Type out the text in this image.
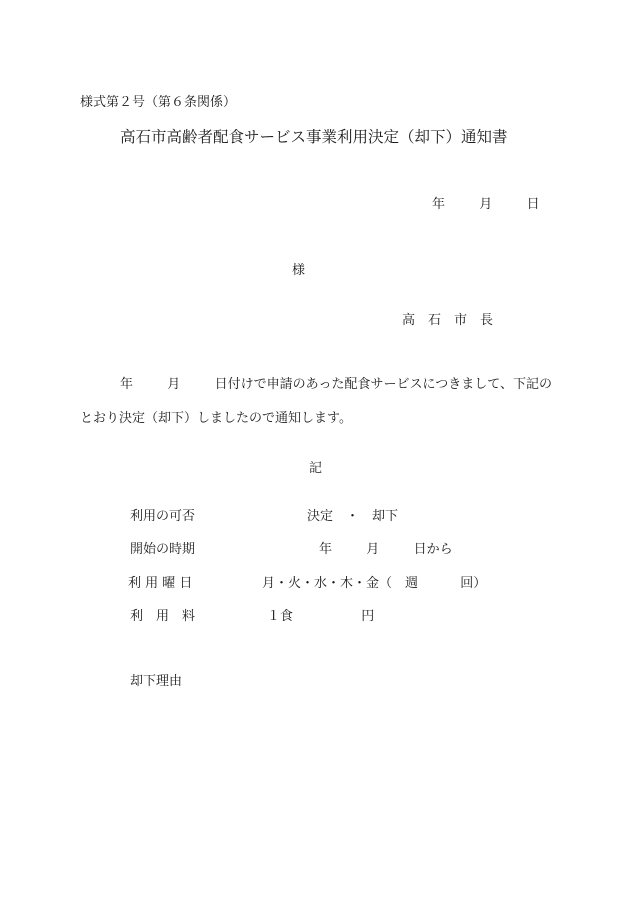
様式第２号（第６条関係）
高石市高齢者配食サービス事業利用決定（却下）通知書
年	月	日
様
高　石　市　長
年	月	日付けで申請のあった配食サービスにつきまして、下記の
とおり決定（却下）しましたので通知します。
記
利用の可否	決定　・　却下
開始の時期	年	月	日から
利 用 曜 日	月・火・水・木・金（　週	回）
利　用　料	１食	円
却下理由
